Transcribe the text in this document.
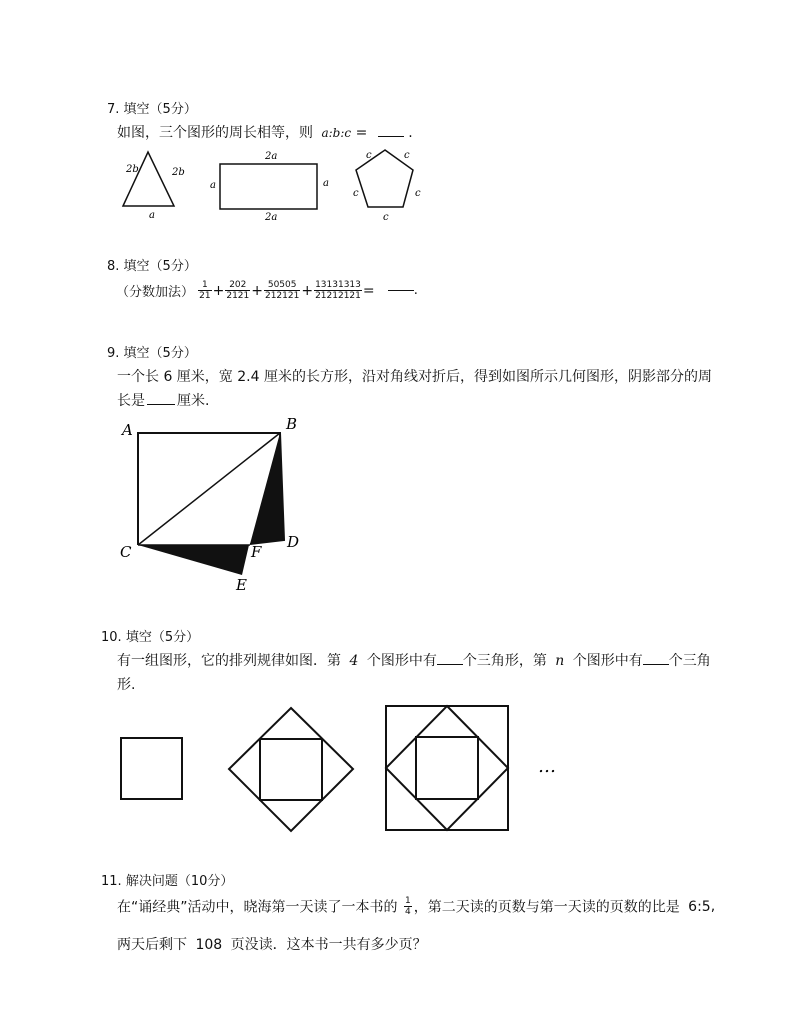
7. 填空（5分）
如图，三个图形的周长相等，则 a:b:c =	.
2b	2b
a
2a
2a
a	a
c	c
c	c
c
8. 填空（5分）
（分数加法） $\frac{1}{21} + \frac{202}{2121} + \frac{50505}{212121} + \frac{13131313}{21212121}$ =	.
9. 填空（5分）
一个长 6 厘米，宽 2.4 厘米的长方形，沿对角线对折后，得到如图所示几何图形，阴影部分的周
长是 厘米.
A	B
C
D
E
F
10. 填空（5分）
有一组图形，它的排列规律如图．第 4 个图形中有 个三角形，第 n 个图形中有 个三角
形.
…
11. 解决问题（10分）
在“诵经典”活动中，晓海第一天读了一本书的 $\frac{1}{4}$ ，第二天读的页数与第一天读的页数的比是 6:5,
两天后剩下 108 页没读．这本书一共有多少页？
